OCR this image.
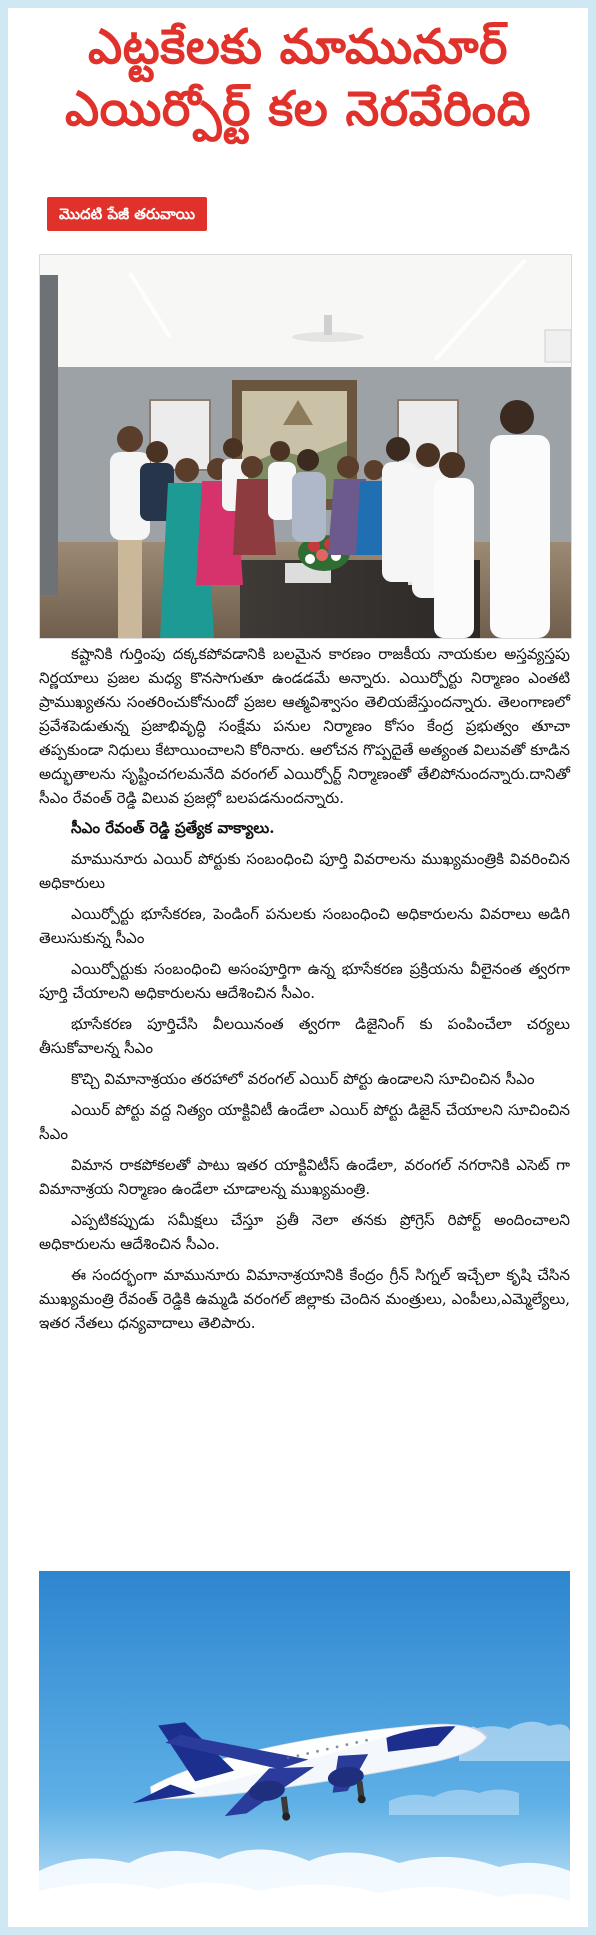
ఎట్టకేలకు మామునూర్
ఎయిర్పోర్ట్ కల నెరవేరింది
మొదటి పేజీ తరువాయి

కష్టానికి గుర్తింపు దక్కకపోవడానికి బలమైన కారణం రాజకీయ నాయకుల అస్తవ్యస్తపు నిర్ణయాలు ప్రజల మధ్య కొనసాగుతూ ఉండడమే అన్నారు. ఎయిర్పోర్టు నిర్మాణం ఎంతటి ప్రాముఖ్యతను సంతరించుకోనుందో ప్రజల ఆత్మవిశ్వాసం తెలియజేస్తుందన్నారు. తెలంగాణలో ప్రవేశపెడుతున్న ప్రజాభివృద్ధి సంక్షేమ పనుల నిర్మాణం కోసం కేంద్ర ప్రభుత్వం తూచా తప్పకుండా నిధులు కేటాయించాలని కోరినారు. ఆలోచన గొప్పదైతే అత్యంత విలువతో కూడిన అద్భుతాలను సృష్టించగలమనేది వరంగల్ ఎయిర్పోర్ట్ నిర్మాణంతో తేలిపోనుందన్నారు.దానితో సీఎం రేవంత్ రెడ్డి విలువ ప్రజల్లో బలపడనుందన్నారు.

సీఎం రేవంత్ రెడ్డి ప్రత్యేక వాక్యాలు.

మామునూరు ఎయిర్ పోర్టుకు సంబంధించి పూర్తి వివరాలను ముఖ్యమంత్రికి వివరించిన అధికారులు

ఎయిర్పోర్టు భూసేకరణ, పెండింగ్ పనులకు సంబంధించి అధికారులను వివరాలు అడిగి తెలుసుకున్న సీఎం

ఎయిర్పోర్టుకు సంబంధించి అసంపూర్తిగా ఉన్న భూసేకరణ ప్రక్రియను వీలైనంత త్వరగా పూర్తి చేయాలని అధికారులను ఆదేశించిన సీఎం.

భూసేకరణ పూర్తిచేసి వీలయినంత త్వరగా డిజైనింగ్ కు పంపించేలా చర్యలు తీసుకోవాలన్న సీఎం

కొచ్చి విమానాశ్రయం తరహాలో వరంగల్ ఎయిర్ పోర్టు ఉండాలని సూచించిన సీఎం

ఎయిర్ పోర్టు వద్ద నిత్యం యాక్టివిటీ ఉండేలా ఎయిర్ పోర్టు డిజైన్ చేయాలని సూచించిన సీఎం

విమాన రాకపోకలతో పాటు ఇతర యాక్టివిటీస్ ఉండేలా, వరంగల్ నగరానికి ఎసెట్ గా విమానాశ్రయ నిర్మాణం ఉండేలా చూడాలన్న ముఖ్యమంత్రి.

ఎప్పటికప్పుడు సమీక్షలు చేస్తూ ప్రతీ నెలా తనకు ప్రోగ్రెస్ రిపోర్ట్ అందించాలని అధికారులను ఆదేశించిన సీఎం.

ఈ సందర్భంగా మామునూరు విమానాశ్రయానికి కేంద్రం గ్రీన్ సిగ్నల్ ఇచ్చేలా కృషి చేసిన ముఖ్యమంత్రి రేవంత్ రెడ్డికి ఉమ్మడి వరంగల్ జిల్లాకు చెందిన మంత్రులు, ఎంపీలు,ఎమ్మెల్యేలు, ఇతర నేతలు ధన్యవాదాలు తెలిపారు.
